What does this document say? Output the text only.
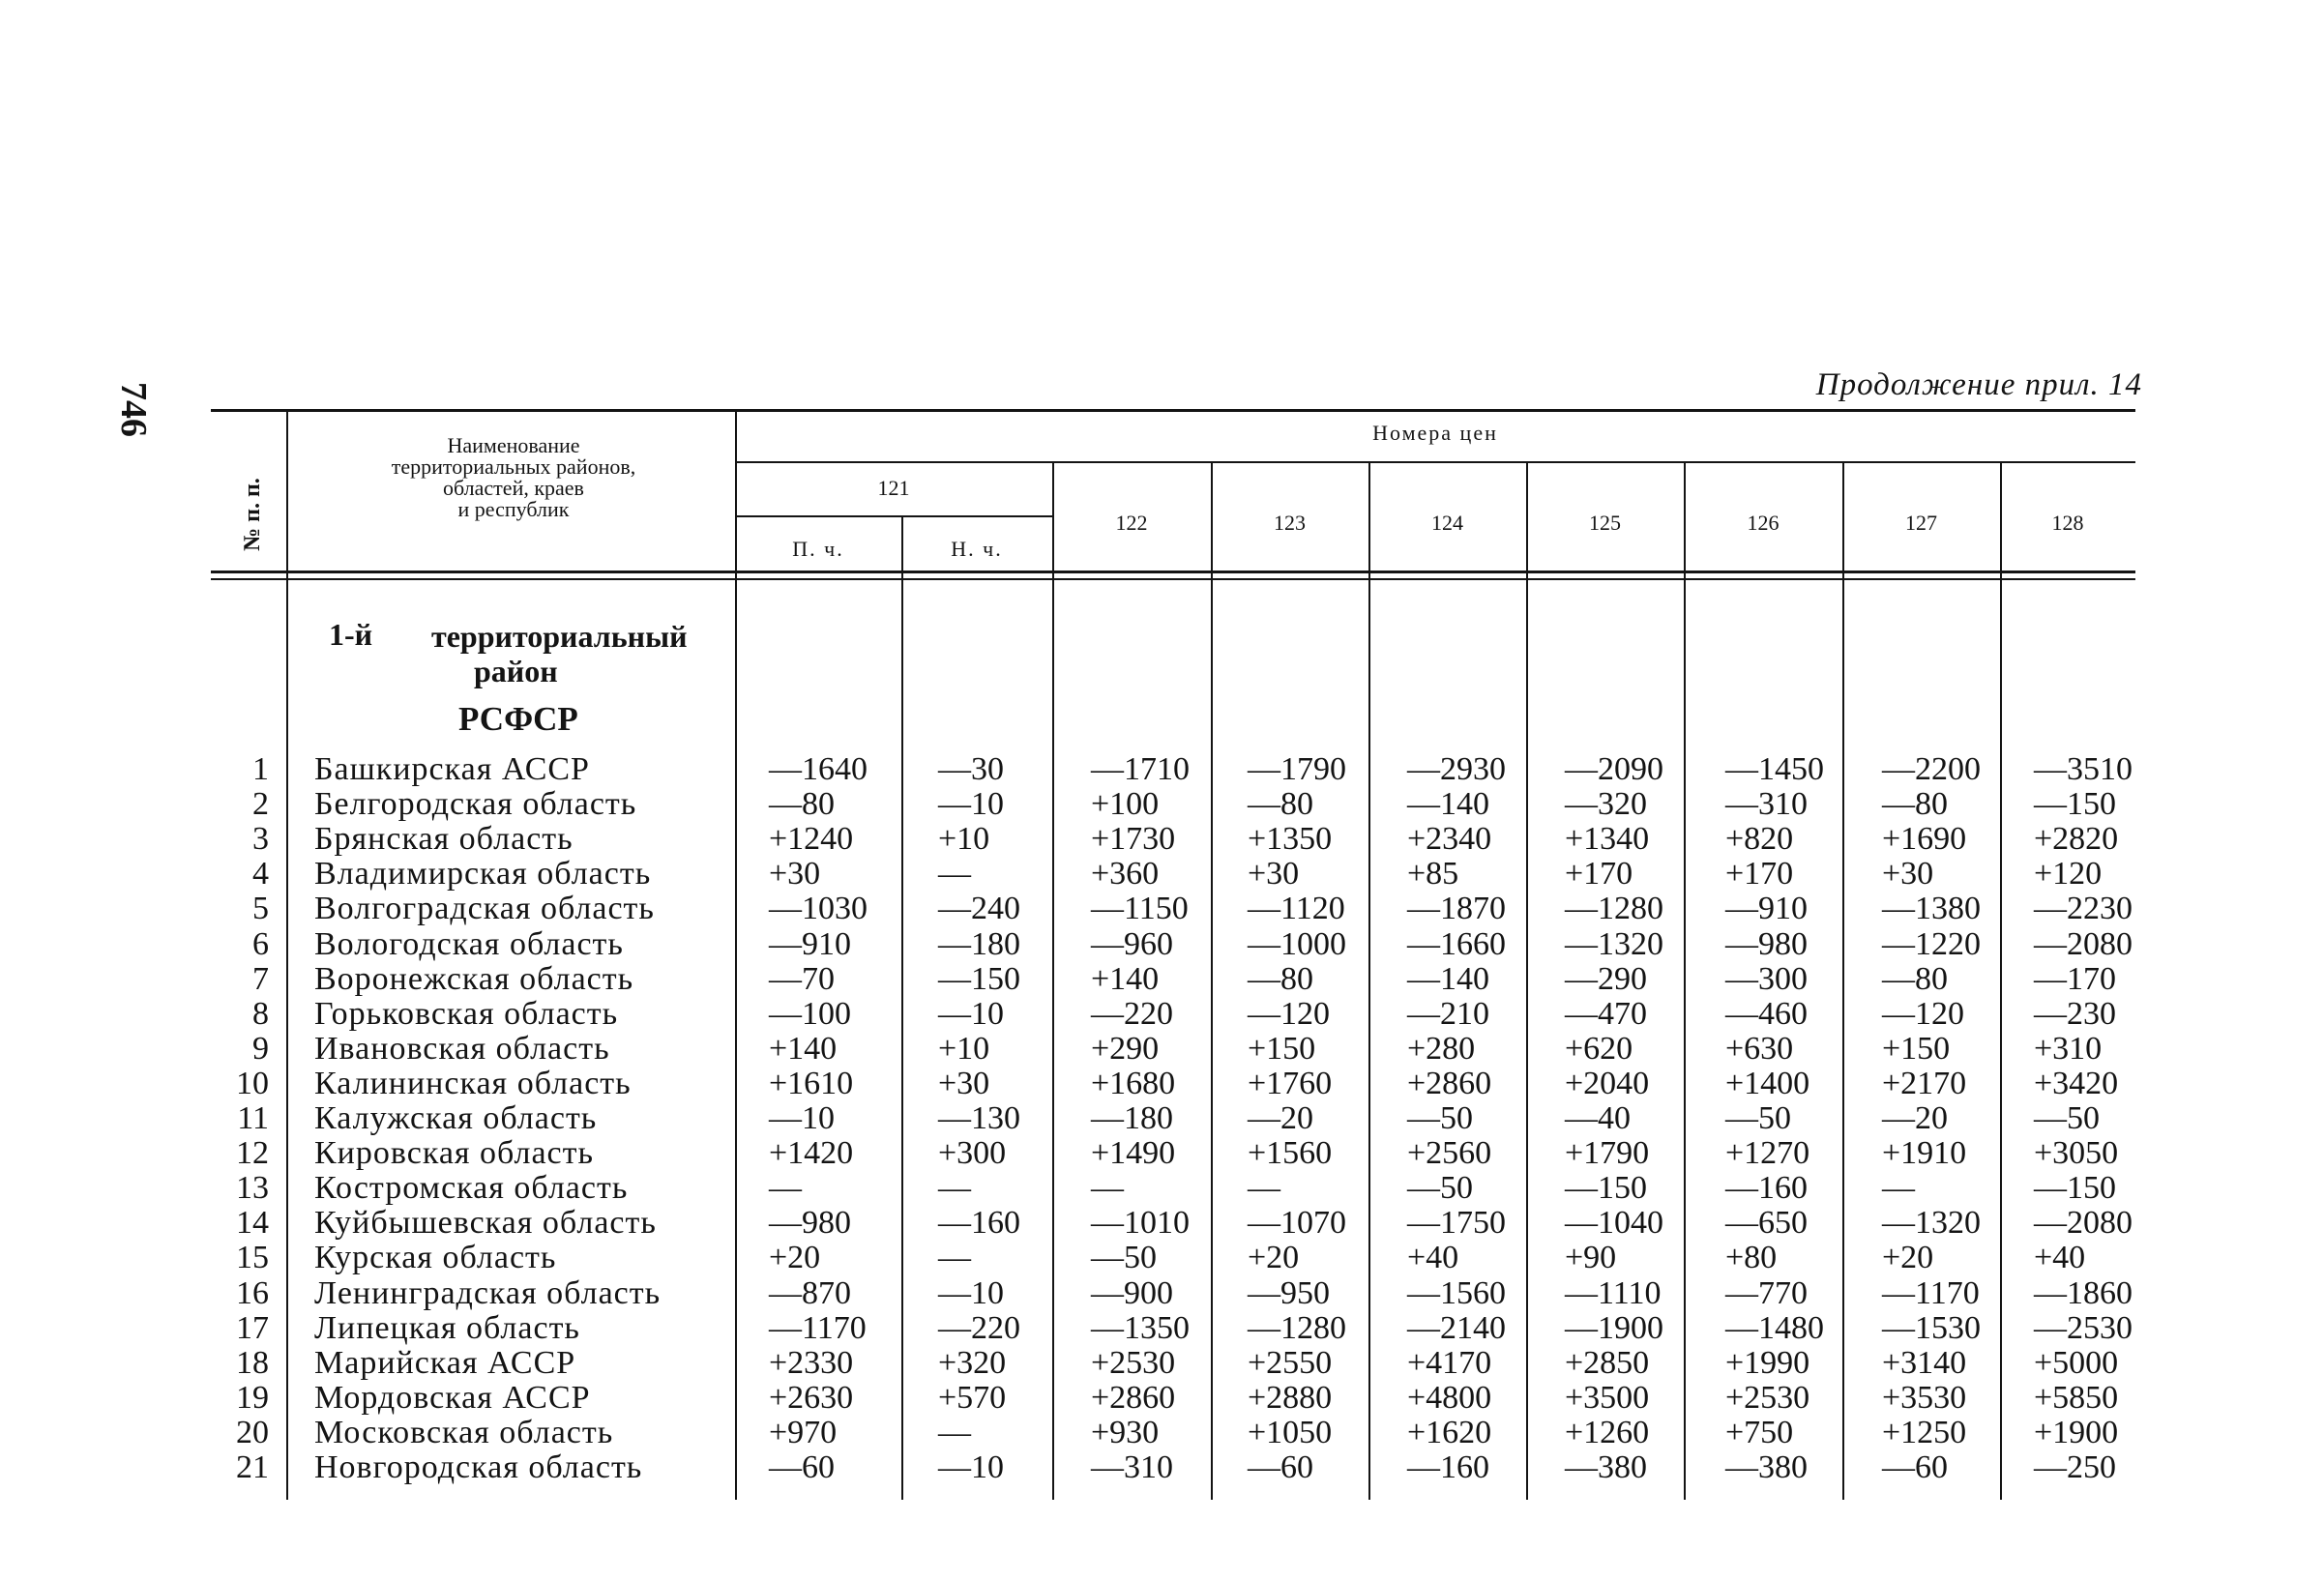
746	Продолжение прил. 14
№ п. п.
Наименование
территориальных районов,
областей, краев
и республик
Номера цен
121
П. ч.	Н. ч.
122	123	124	125	126	127	128
1-й территориальный
район
РСФСР
1 Башкирская АССР	—1640 —30	—1710 —1790 —2930 —2090 —1450 —2200 —3510
2 Белгородская область	—80	—10	+100	—80	—140 —320 —310 —80	—150
3 Брянская область	+1240	+10	+1730 +1350 +2340 +1340 +820	+1690 +2820
4 Владимирская область	+30	—	+360	+30	+85	+170	+170	+30	+120
5 Волгоградская область	—1030 —240 —1150 —1120 —1870 —1280 —910 —1380 —2230
6 Вологодская область	—910	—180 —960 —1000 —1660 —1320 —980 —1220 —2080
7 Воронежская область	—70	—150 +140	—80	—140 —290 —300 —80	—170
8 Горьковская область	—100	—10	—220 —120 —210 —470 —460 —120 —230
9 Ивановская область	+140	+10	+290	+150	+280	+620	+630	+150	+310
10 Калининская область	+1610	+30	+1680 +1760 +2860 +2040 +1400 +2170 +3420
11 Калужская область	—10	—130 —180 —20	—50	—40	—50	—20	—50
12 Кировская область	+1420	+300	+1490 +1560 +2560 +1790 +1270 +1910 +3050
13 Костромская область	—	—	—	—	—50	—150 —160 —	—150
14 Куйбышевская область	—980	—160 —1010 —1070 —1750 —1040 —650 —1320 —2080
15 Курская область	+20	—	—50	+20	+40	+90	+80	+20	+40
16 Ленинградская область	—870	—10	—900 —950 —1560 —1110 —770 —1170 —1860
17 Липецкая область	—1170 —220 —1350 —1280 —2140 —1900 —1480 —1530 —2530
18 Марийская АССР	+2330	+320	+2530 +2550 +4170 +2850 +1990 +3140 +5000
19 Мордовская АССР	+2630	+570	+2860 +2880 +4800 +3500 +2530 +3530 +5850
20 Московская область	+970	—	+930	+1050 +1620 +1260 +750	+1250 +1900
21 Новгородская область	—60	—10	—310 —60	—160 —380 —380 —60	—250
